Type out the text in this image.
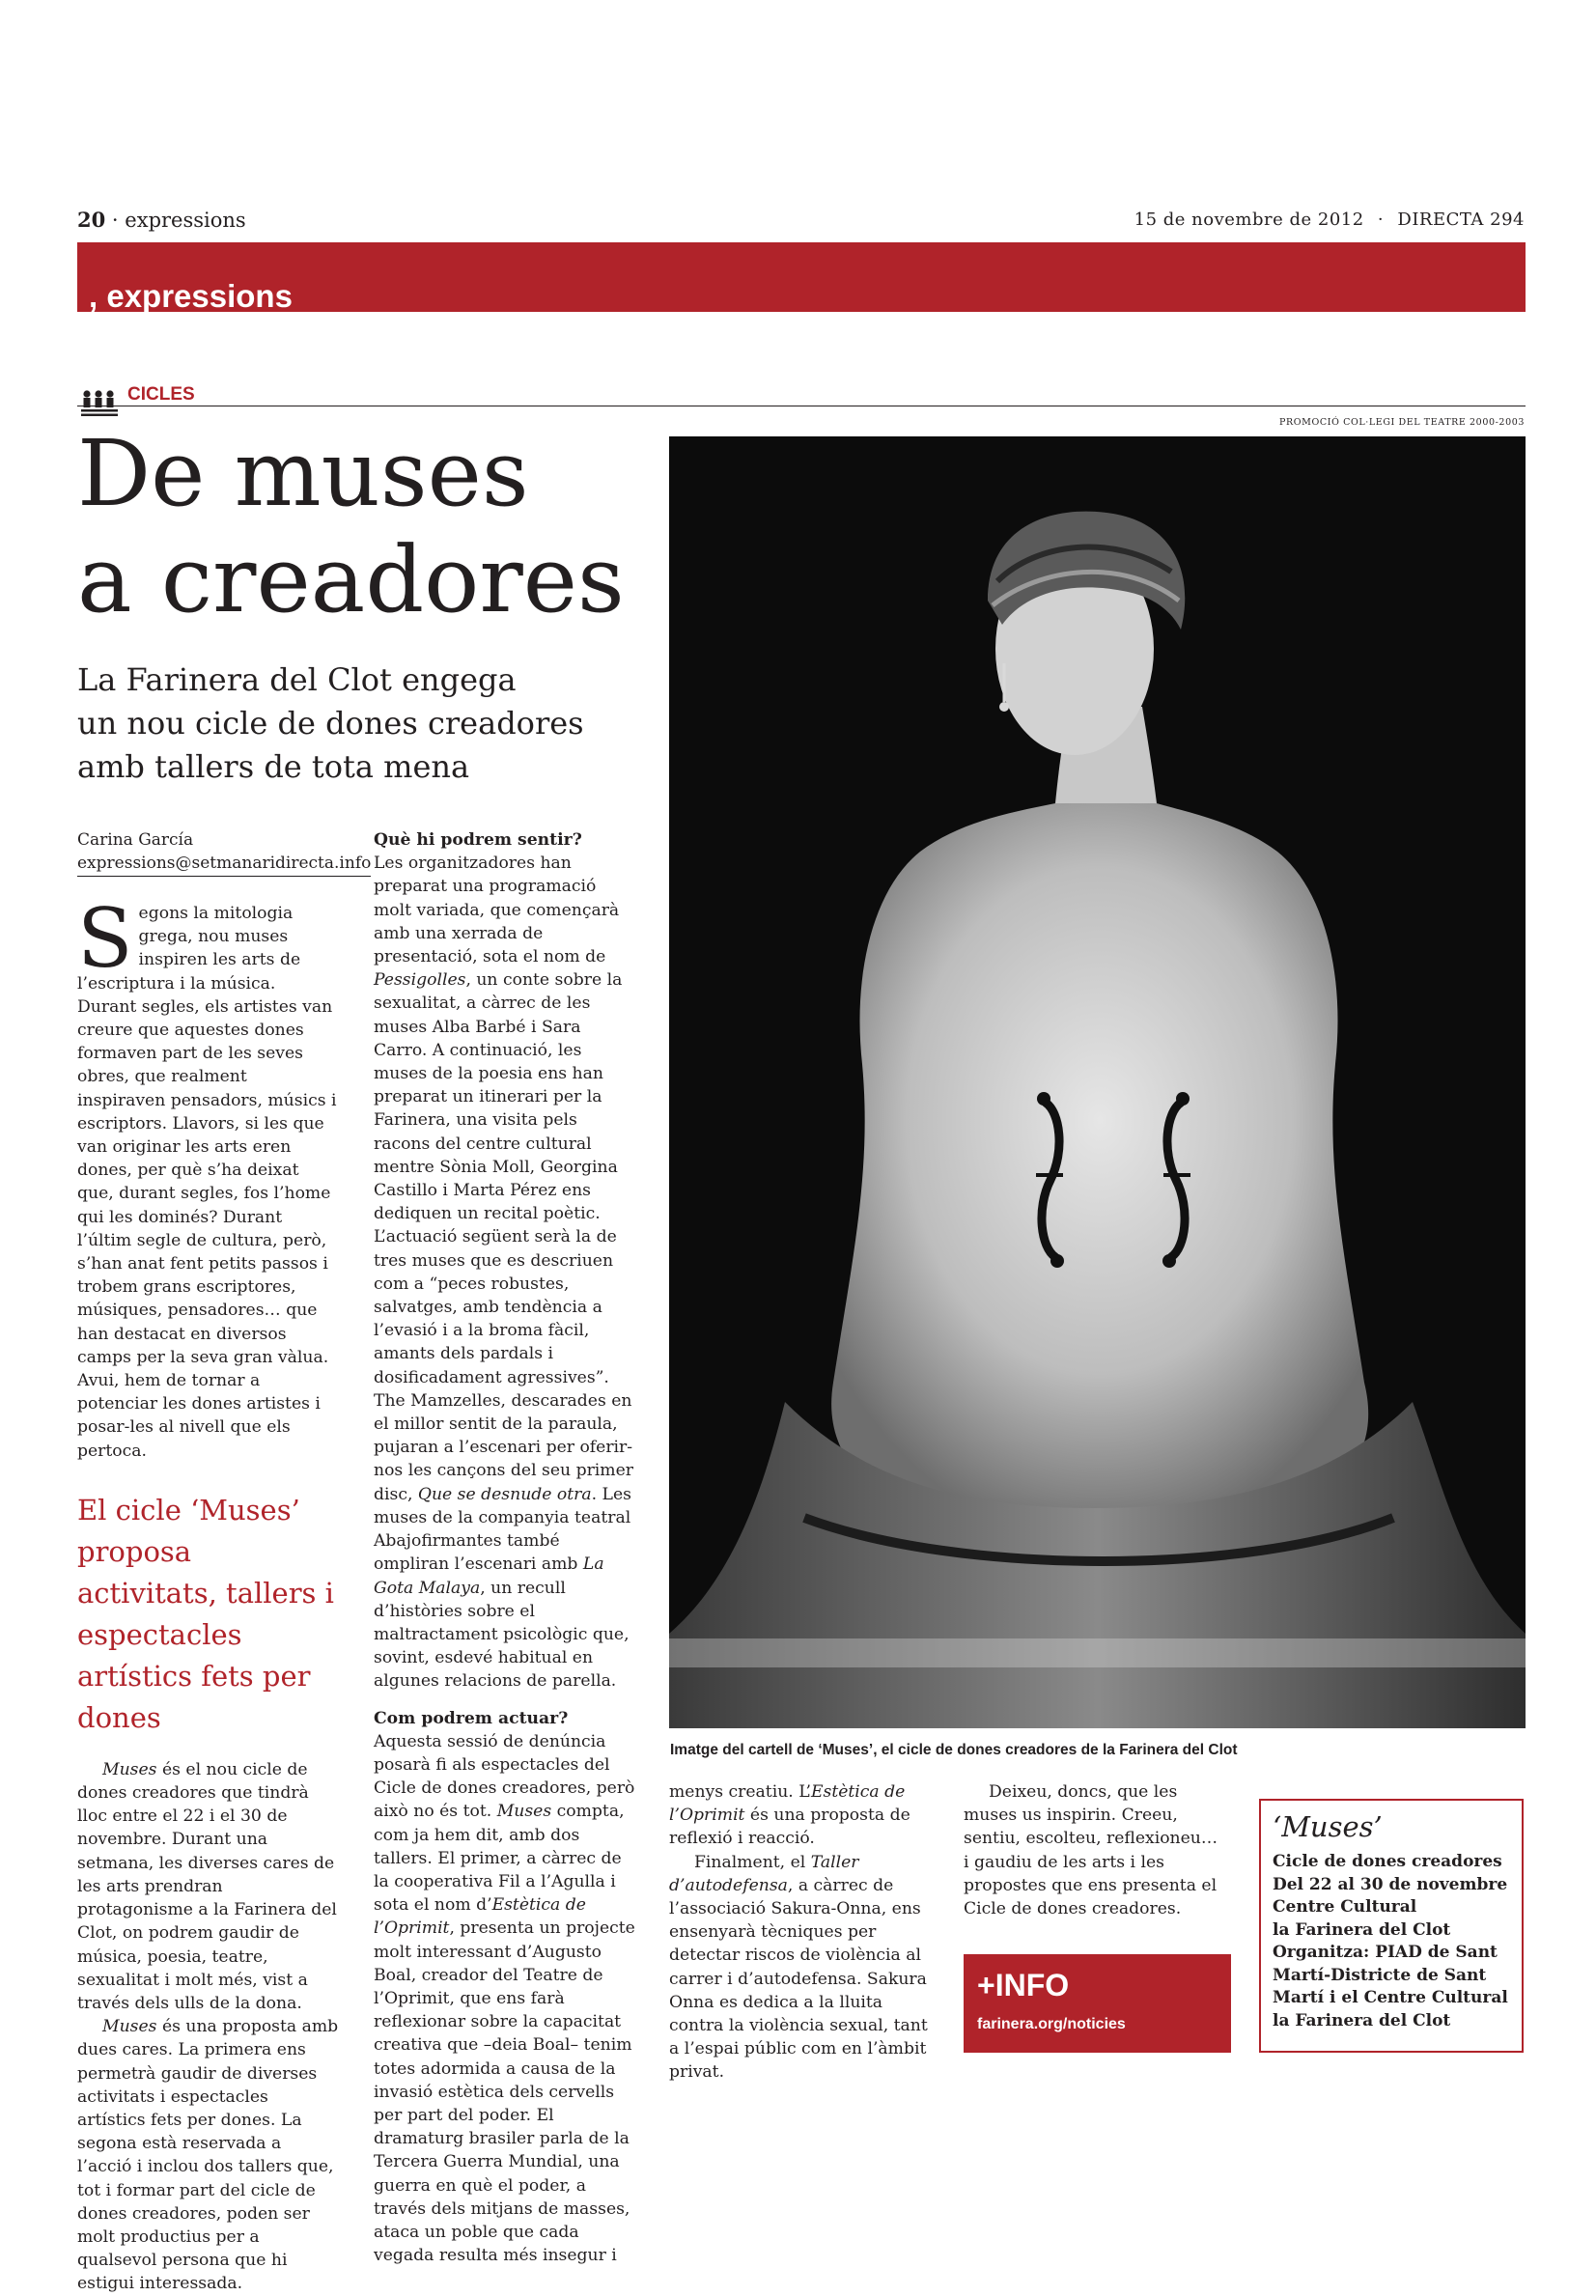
20 · expressions	15 de novembre de 2012 · DIRECTA 294
, expressions
CICLES
PROMOCIÓ COL·LEGI DEL TEATRE 2000-2003
De muses
a creadores
La Farinera del Clot engega
un nou cicle de dones creadores
amb tallers de tota mena
Imatge del cartell de ‘Muses’, el cicle de dones creadores de la Farinera del Clot
Carina García
expressions@setmanaridirecta.info

Segons la mitologia grega, nou muses inspiren les arts de l’escriptura i la música. Durant segles, els artistes van creure que aquestes dones formaven part de les seves obres, que realment inspiraven pensadors, músics i escriptors. Llavors, si les que van originar les arts eren dones, per què s’ha deixat que, durant segles, fos l’home qui les dominés? Durant l’últim segle de cultura, però, s’han anat fent petits passos i trobem grans escriptores, músiques, pensadores… que han destacat en diversos camps per la seva gran vàlua. Avui, hem de tornar a potenciar les dones artistes i posar-les al nivell que els pertoca.

El cicle ‘Muses’ proposa activitats, tallers i espectacles artístics fets per dones

Muses és el nou cicle de dones creadores que tindrà lloc entre el 22 i el 30 de novembre. Durant una setmana, les diverses cares de les arts prendran protagonisme a la Farinera del Clot, on podrem gaudir de música, poesia, teatre, sexualitat i molt més, vist a través dels ulls de la dona.

Muses és una proposta amb dues cares. La primera ens permetrà gaudir de diverses activitats i espectacles artístics fets per dones. La segona està reservada a l’acció i inclou dos tallers que, tot i formar part del cicle de dones creadores, poden ser molt productius per a qualsevol persona que hi estigui interessada.

Què hi podrem sentir?

Les organitzadores han preparat una programació molt variada, que començarà amb una xerrada de presentació, sota el nom de Pessigolles, un conte sobre la sexualitat, a càrrec de les muses Alba Barbé i Sara Carro. A continuació, les muses de la poesia ens han preparat un itinerari per la Farinera, una visita pels racons del centre cultural mentre Sònia Moll, Georgina Castillo i Marta Pérez ens dediquen un recital poètic. L’actuació següent serà la de tres muses que es descriuen com a “peces robustes, salvatges, amb tendència a l’evasió i a la broma fàcil, amants dels pardals i dosificadament agressives”. The Mamzelles, descarades en el millor sentit de la paraula, pujaran a l’escenari per oferir-nos les cançons del seu primer disc, Que se desnude otra. Les muses de la companyia teatral Abajofirmantes també ompliran l’escenari amb La Gota Malaya, un recull d’històries sobre el maltractament psicològic que, sovint, esdevé habitual en algunes relacions de parella.

Com podrem actuar?

Aquesta sessió de denúncia posarà fi als espectacles del Cicle de dones creadores, però això no és tot. Muses compta, com ja hem dit, amb dos tallers. El primer, a càrrec de la cooperativa Fil a l’Agulla i sota el nom d’Estètica de l’Oprimit, presenta un projecte molt interessant d’Augusto Boal, creador del Teatre de l’Oprimit, que ens farà reflexionar sobre la capacitat creativa que –deia Boal– tenim totes adormida a causa de la invasió estètica dels cervells per part del poder. El dramaturg brasiler parla de la Tercera Guerra Mundial, una guerra en què el poder, a través dels mitjans de masses, ataca un poble que cada vegada resulta més insegur i

menys creatiu. L’Estètica de l’Oprimit és una proposta de reflexió i reacció.

Finalment, el Taller d’autodefensa, a càrrec de l’associació Sakura-Onna, ens ensenyarà tècniques per detectar riscos de violència al carrer i d’autodefensa. Sakura Onna es dedica a la lluita contra la violència sexual, tant a l’espai públic com en l’àmbit privat.

Deixeu, doncs, que les muses us inspirin. Creeu, sentiu, escolteu, reflexioneu… i gaudiu de les arts i les propostes que ens presenta el Cicle de dones creadores.

+INFO
farinera.org/noticies
‘Muses’
Cicle de dones creadores
Del 22 al 30 de novembre
Centre Cultural
la Farinera del Clot
Organitza: PIAD de Sant
Martí-Districte de Sant
Martí i el Centre Cultural
la Farinera del Clot
